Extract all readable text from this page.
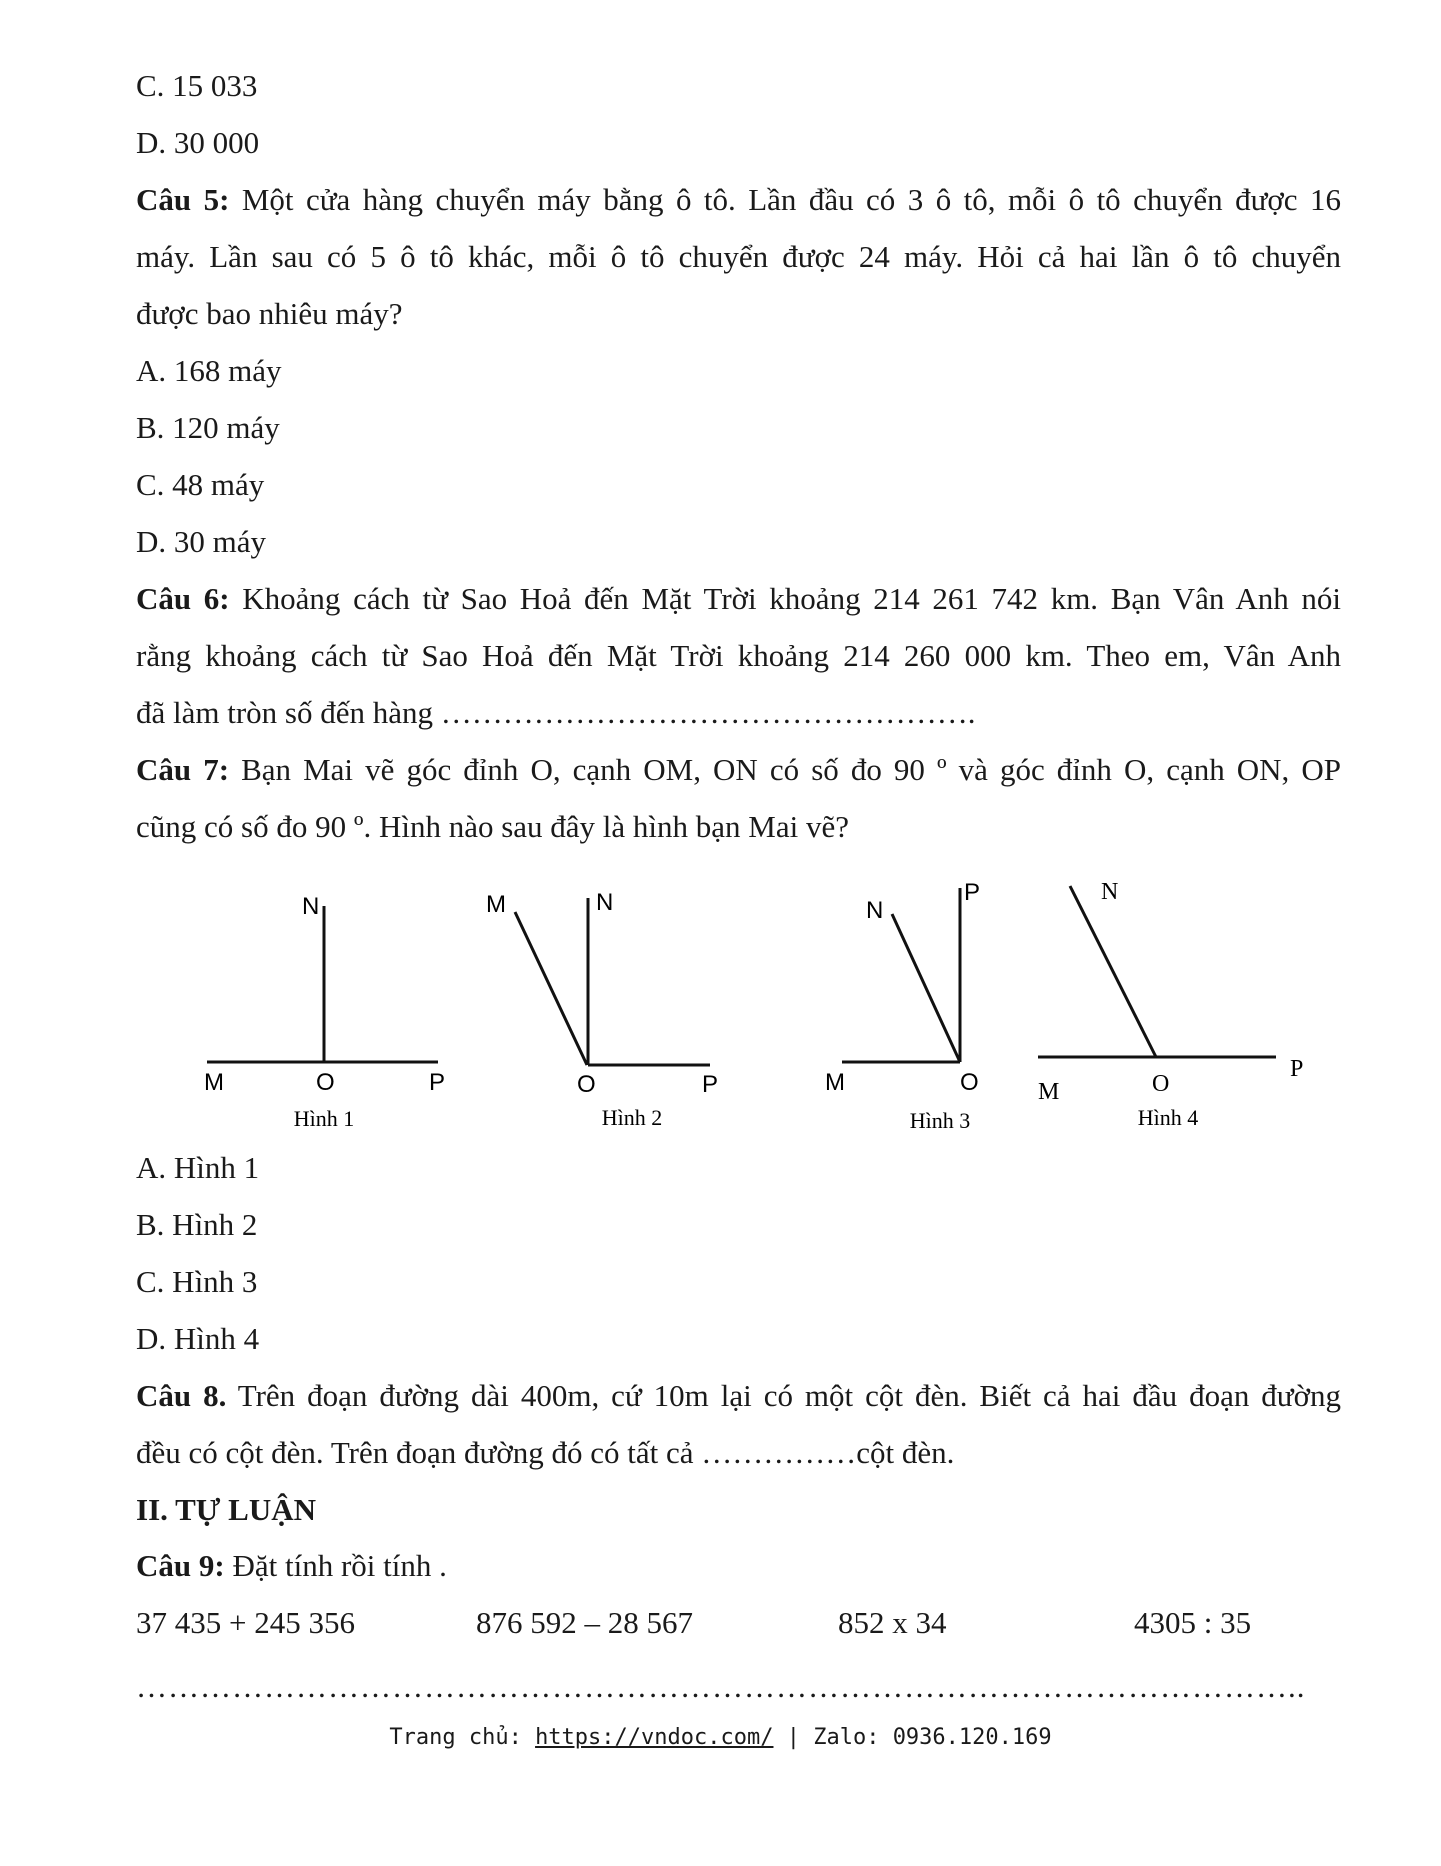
C. 15 033
D. 30 000
Câu 5: Một cửa hàng chuyển máy bằng ô tô. Lần đầu có 3 ô tô, mỗi ô tô chuyển được 16
máy. Lần sau có 5 ô tô khác, mỗi ô tô chuyển được 24 máy. Hỏi cả hai lần ô tô chuyển
được bao nhiêu máy?
A. 168 máy
B. 120 máy
C. 48 máy
D. 30 máy
Câu 6: Khoảng cách từ Sao Hoả đến Mặt Trời khoảng 214 261 742 km. Bạn Vân Anh nói
rằng khoảng cách từ Sao Hoả đến Mặt Trời khoảng 214 260 000 km. Theo em, Vân Anh
đã làm tròn số đến hàng …………………………………………….
Câu 7: Bạn Mai vẽ góc đỉnh O, cạnh OM, ON có số đo 90 º và góc đỉnh O, cạnh ON, OP
cũng có số đo 90 º. Hình nào sau đây là hình bạn Mai vẽ?
N
M	O	P
Hình 1
M	N
O	P
Hình 2
N
P
M	O
Hình 3
N
M	O
P
Hình 4
A. Hình 1
B. Hình 2
C. Hình 3
D. Hình 4
Câu 8. Trên đoạn đường dài 400m, cứ 10m lại có một cột đèn. Biết cả hai đầu đoạn đường
đều có cột đèn. Trên đoạn đường đó có tất cả ……………cột đèn.
II. TỰ LUẬN
Câu 9: Đặt tính rồi tính .
37 435 + 245 356	876 592 – 28 567	852 x 34	4305 : 35
………………………………………………………………………………………………..
Trang chủ: https://vndoc.com/ | Zalo: 0936.120.169
